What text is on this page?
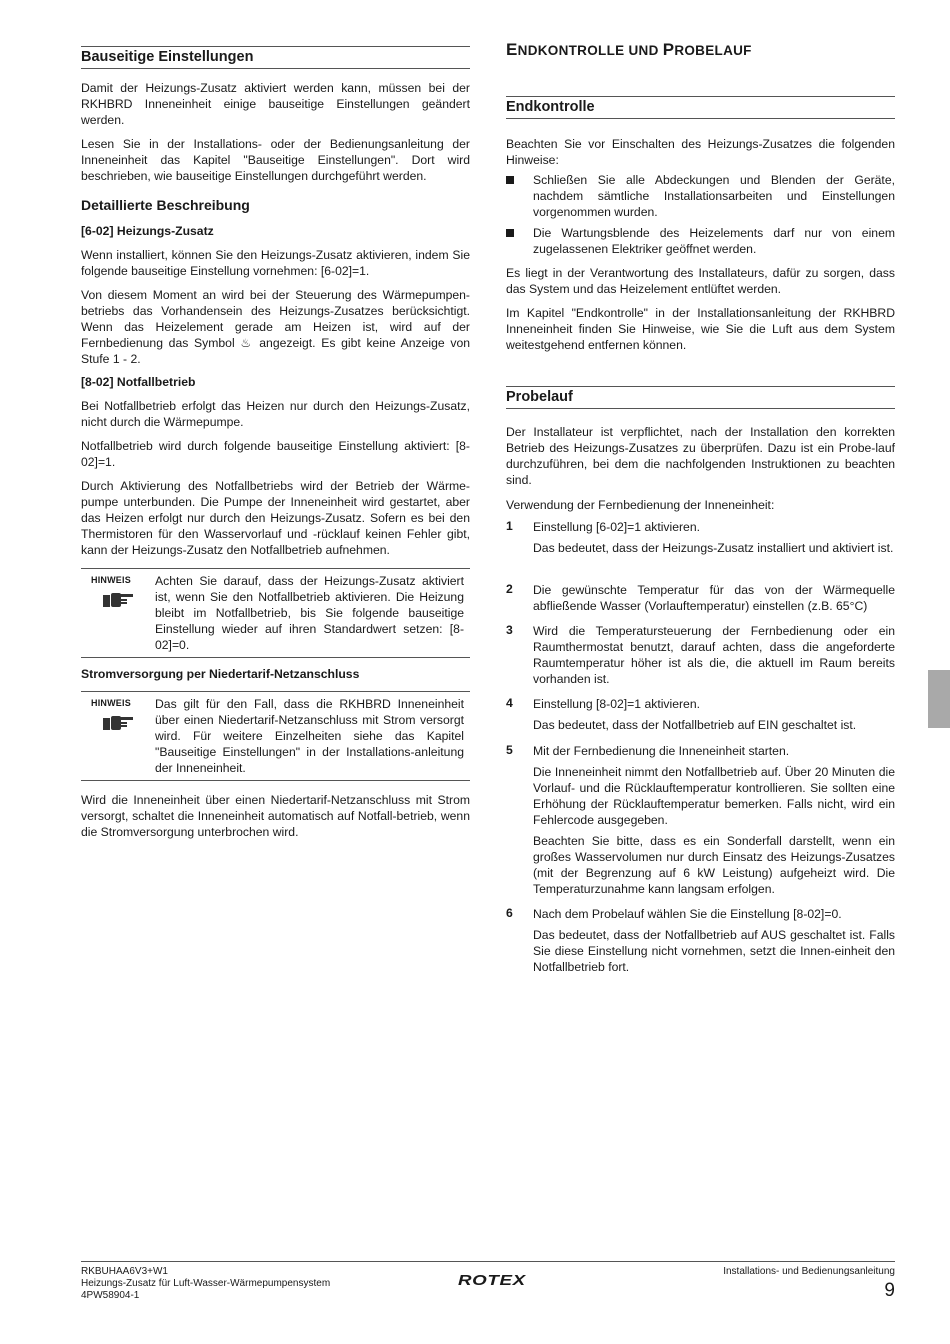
Bauseitige Einstellungen

Damit der Heizungs-Zusatz aktiviert werden kann, müssen bei der RKHBRD Inneneinheit einige bauseitige Einstellungen geändert werden.

Lesen Sie in der Installations- oder der Bedienungsanleitung der Inneneinheit das Kapitel "Bauseitige Einstellungen". Dort wird beschrieben, wie bauseitige Einstellungen durchgeführt werden.

Detaillierte Beschreibung
[6-02] Heizungs-Zusatz

Wenn installiert, können Sie den Heizungs-Zusatz aktivieren, indem Sie folgende bauseitige Einstellung vornehmen: [6-02]=1.

Von diesem Moment an wird bei der Steuerung des Wärmepumpen-betriebs das Vorhandensein des Heizungs-Zusatzes berücksichtigt. Wenn das Heizelement gerade am Heizen ist, wird auf der Fernbedienung das Symbol ♨ angezeigt. Es gibt keine Anzeige von Stufe 1 - 2.

[8-02] Notfallbetrieb

Bei Notfallbetrieb erfolgt das Heizen nur durch den Heizungs-Zusatz, nicht durch die Wärmepumpe.

Notfallbetrieb wird durch folgende bauseitige Einstellung aktiviert: [8-02]=1.

Durch Aktivierung des Notfallbetriebs wird der Betrieb der Wärme-pumpe unterbunden. Die Pumpe der Inneneinheit wird gestartet, aber das Heizen erfolgt nur durch den Heizungs-Zusatz. Sofern es bei den Thermistoren für den Wasservorlauf und -rücklauf keinen Fehler gibt, kann der Heizungs-Zusatz den Notfallbetrieb aufnehmen.

HINWEIS Achten Sie darauf, dass der Heizungs-Zusatz aktiviert ist, wenn Sie den Notfallbetrieb aktivieren. Die Heizung bleibt im Notfallbetrieb, bis Sie folgende bauseitige Einstellung wieder auf ihren Standardwert setzen: [8-02]=0.

Stromversorgung per Niedertarif-Netzanschluss
HINWEIS Das gilt für den Fall, dass die RKHBRD Inneneinheit über einen Niedertarif-Netzanschluss mit Strom versorgt wird. Für weitere Einzelheiten siehe das Kapitel "Bauseitige Einstellungen" in der Installations-anleitung der Inneneinheit.

Wird die Inneneinheit über einen Niedertarif-Netzanschluss mit Strom versorgt, schaltet die Inneneinheit automatisch auf Notfall-betrieb, wenn die Stromversorgung unterbrochen wird.

ENDKONTROLLE UND PROBELAUF
Endkontrolle

Beachten Sie vor Einschalten des Heizungs-Zusatzes die folgenden Hinweise:

Schließen Sie alle Abdeckungen und Blenden der Geräte, nachdem sämtliche Installationsarbeiten und Einstellungen vorgenommen wurden.

Die Wartungsblende des Heizelements darf nur von einem zugelassenen Elektriker geöffnet werden.

Es liegt in der Verantwortung des Installateurs, dafür zu sorgen, dass das System und das Heizelement entlüftet werden.

Im Kapitel "Endkontrolle" in der Installationsanleitung der RKHBRD Inneneinheit finden Sie Hinweise, wie Sie die Luft aus dem System weitestgehend entfernen können.

Probelauf

Der Installateur ist verpflichtet, nach der Installation den korrekten Betrieb des Heizungs-Zusatzes zu überprüfen. Dazu ist ein Probe-lauf durchzuführen, bei dem die nachfolgenden Instruktionen zu beachten sind.

Verwendung der Fernbedienung der Inneneinheit:

1 Einstellung [6-02]=1 aktivieren.

Das bedeutet, dass der Heizungs-Zusatz installiert und aktiviert ist.

2 Die gewünschte Temperatur für das von der Wärmequelle abfließende Wasser (Vorlauftemperatur) einstellen (z.B. 65°C)

3 Wird die Temperatursteuerung der Fernbedienung oder ein Raumthermostat benutzt, darauf achten, dass die angeforderte Raumtemperatur höher ist als die, die aktuell im Raum bereits vorhanden ist.

4 Einstellung [8-02]=1 aktivieren.

Das bedeutet, dass der Notfallbetrieb auf EIN geschaltet ist.

5 Mit der Fernbedienung die Inneneinheit starten.

Die Inneneinheit nimmt den Notfallbetrieb auf. Über 20 Minuten die Vorlauf- und die Rücklauftemperatur kontrollieren. Sie sollten eine Erhöhung der Rücklauftemperatur bemerken. Falls nicht, wird ein Fehlercode ausgegeben.

Beachten Sie bitte, dass es ein Sonderfall darstellt, wenn ein großes Wasservolumen nur durch Einsatz des Heizungs-Zusatzes (mit der Begrenzung auf 6 kW Leistung) aufgeheizt wird. Die Temperaturzunahme kann langsam erfolgen.

6 Nach dem Probelauf wählen Sie die Einstellung [8-02]=0.

Das bedeutet, dass der Notfallbetrieb auf AUS geschaltet ist. Falls Sie diese Einstellung nicht vornehmen, setzt die Innen-einheit den Notfallbetrieb fort.

RKBUHAA6V3+W1
Heizungs-Zusatz für Luft-Wasser-Wärmepumpensystem
4PW58904-1
ROTEX
Installations- und Bedienungsanleitung
9
